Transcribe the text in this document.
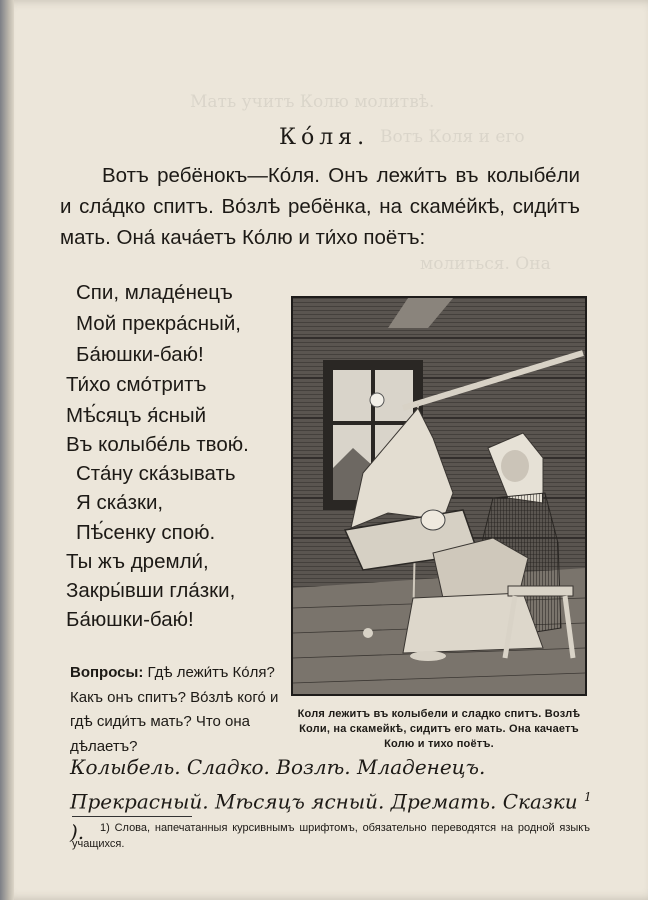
Мать учитъ Колю молитвѣ.
Вотъ Коля и его
молиться. Она
Ко́ля.

Вотъ ребёнокъ—Ко́ля. Онъ лежи́тъ въ колыбе́ли и сла́дко спитъ. Во́злѣ ребёнка, на скаме́йкѣ, сиди́тъ мать. Она́ кача́етъ Ко́лю и ти́хо поётъ:

Спи, младе́нецъ
Мой прекра́сный,
Ба́юшки-баю́!
Ти́хо смо́тритъ
Мѣ́сяцъ я́сный
Въ колыбе́ль твою́.
Ста́ну ска́зывать
Я ска́зки,
Пѣ́сенку спою́.
Ты жъ дремли́,
Закры́вши гла́зки,
Ба́юшки-баю́!
Вопросы: Гдѣ лежи́тъ Ко́ля? Какъ онъ спитъ? Во́злѣ кого́ и гдѣ сиди́тъ мать? Что она дѣлаетъ?
Коля лежитъ въ колыбели и сладко спитъ. Возлѣ Коли, на скамейкѣ, сидитъ его мать. Она качаетъ Колю и тихо поётъ.
Колыбель. Сладко. Возлѣ. Младенецъ. Прекрасный. Мѣсяцъ ясный. Дремать. Сказки $^1$ ).	1) Слова, напечатанныя курсивнымъ шрифтомъ, обязательно переводятся на родной языкъ учащихся.
